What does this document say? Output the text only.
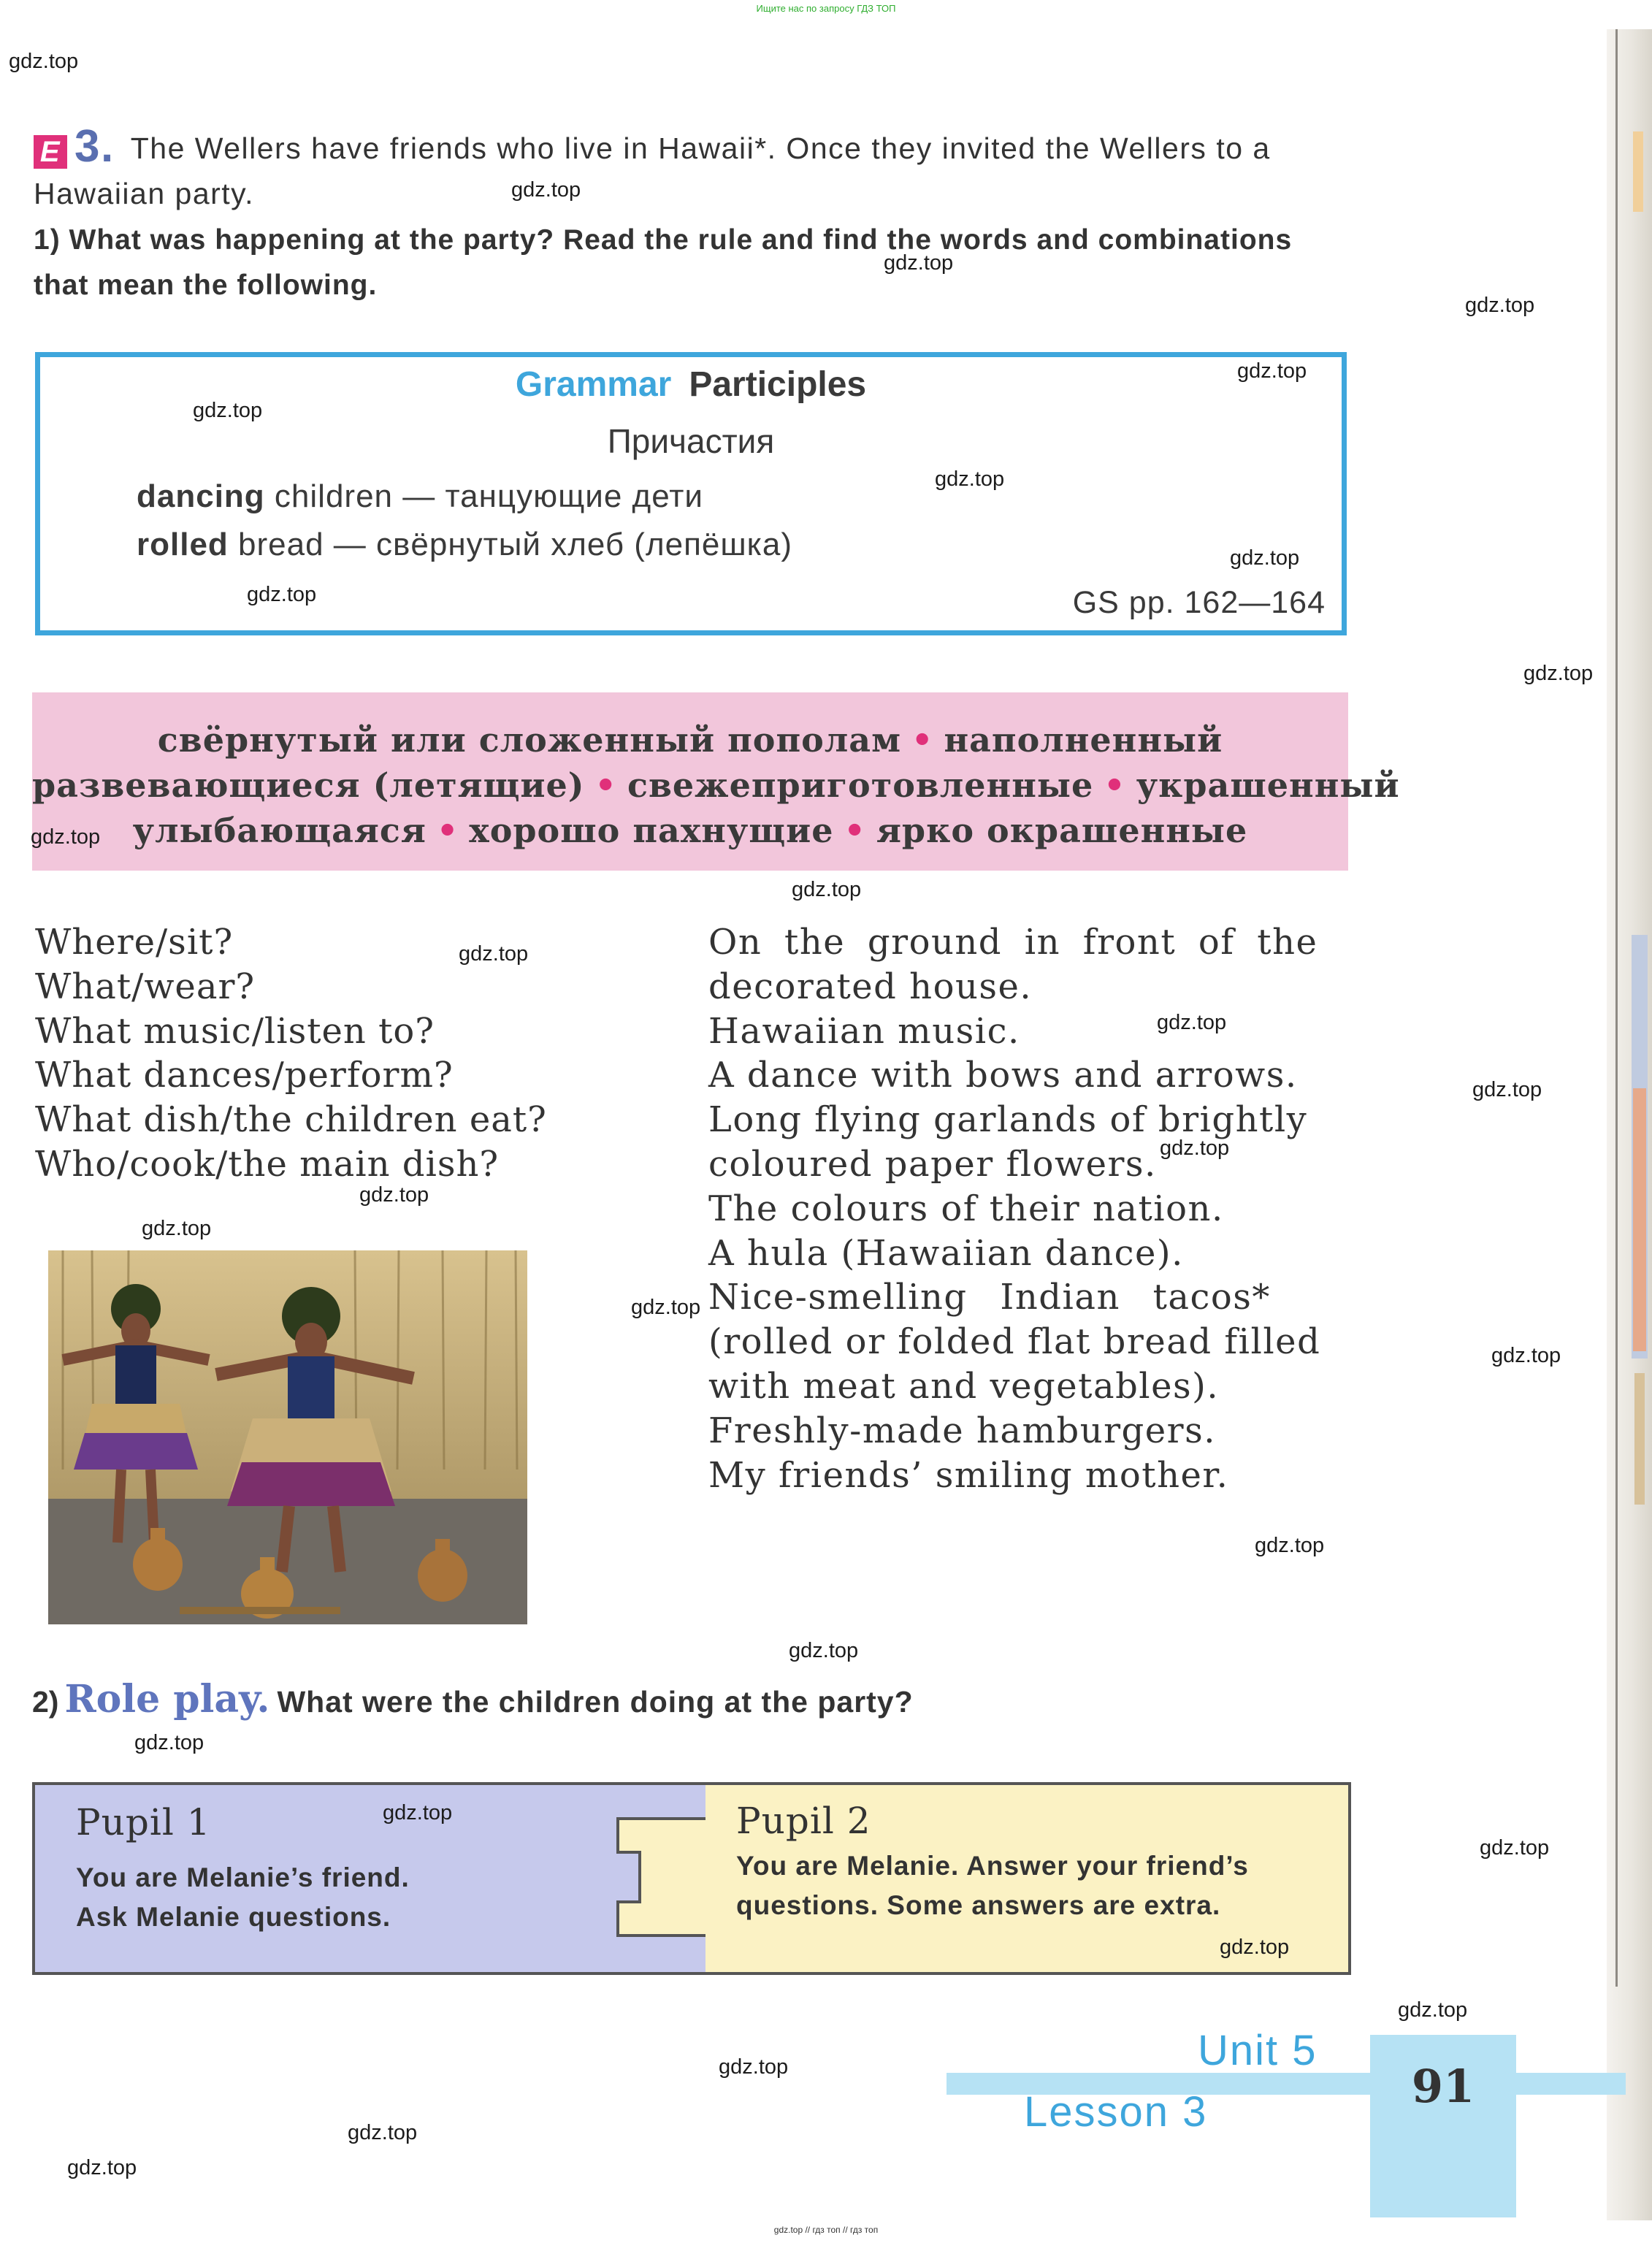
Ищите нас по запросу ГДЗ ТОП
E 3. The Wellers have friends who live in Hawaii*. Once they invited the Wellers to a Hawaiian party.
1) What was happening at the party? Read the rule and find the words and combinations that mean the following.
Grammar Participles
Причастия
dancing children — танцующие дети
rolled bread — свёрнутый хлеб (лепёшка)
GS pp. 162—164
свёрнутый или сложенный пополам • наполненный
развевающиеся (летящие) • свежеприготовленные • украшенный
улыбающаяся • хорошо пахнущие • ярко окрашенные
Where/sit?
What/wear?
What music/listen to?
What dances/perform?
What dish/the children eat?
Who/cook/the main dish?
On the ground in front of the
decorated house.
Hawaiian music.
A dance with bows and arrows.
Long flying garlands of brightly
coloured paper flowers.
The colours of their nation.
A hula (Hawaiian dance).
Nice-smelling Indian tacos*
(rolled or folded flat bread filled
with meat and vegetables).
Freshly-made hamburgers.
My friends’ smiling mother.
2) Role play. What were the children doing at the party?
Pupil 1
You are Melanie’s friend.
Ask Melanie questions.
Pupil 2
You are Melanie. Answer your friend’s
questions. Some answers are extra.
Unit 5
Lesson 3	91
gdz.top
gdz.top
gdz.top
gdz.top
gdz.top
gdz.top
gdz.top
gdz.top
gdz.top
gdz.top
gdz.top
gdz.top
gdz.top
gdz.top
gdz.top
gdz.top
gdz.top
gdz.top
gdz.top
gdz.top
gdz.top
gdz.top
gdz.top
gdz.top
gdz.top
gdz.top
gdz.top
gdz.top
gdz.top
gdz.top
gdz.top // гдз топ // гдз топ
